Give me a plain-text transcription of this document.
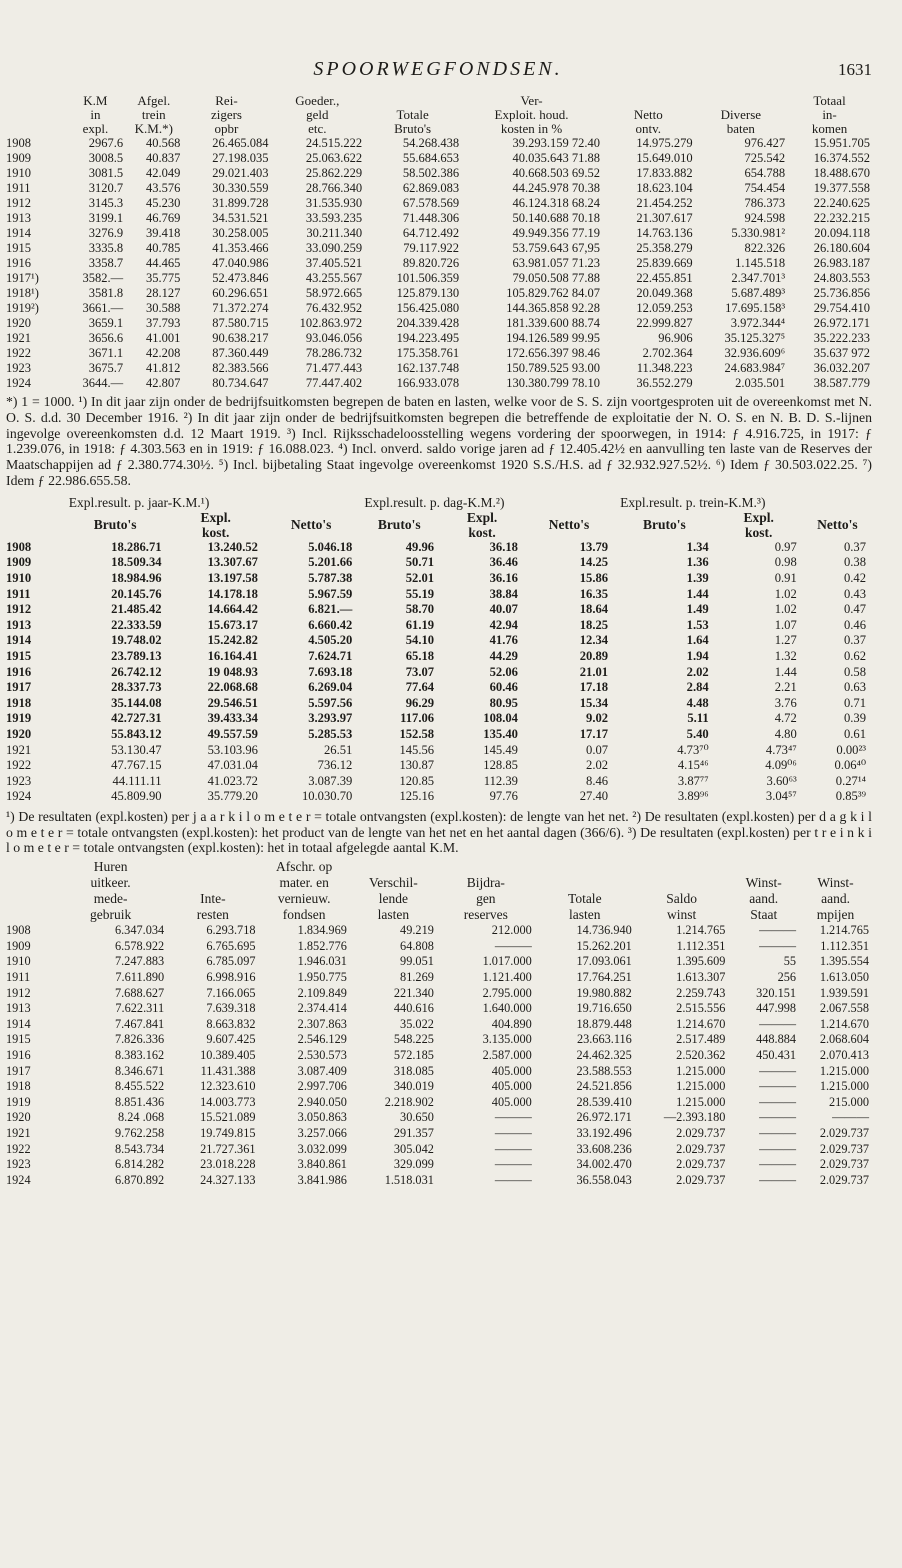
SPOORWEGFONDSEN.	1631
	K.M
in
expl.	Afgel.
trein
K.M.*)	Rei-
zigers
opbr	Goeder.,
geld
etc.	Totale
Bruto's	Ver-
Exploit. houd.
kosten in %	Netto
ontv.	Diverse
baten	Totaal
in-
komen
1908	2967.6	40.568	26.465.084	24.515.222	54.268.438	39.293.159 72.40	14.975.279	976.427	15.951.705
1909	3008.5	40.837	27.198.035	25.063.622	55.684.653	40.035.643 71.88	15.649.010	725.542	16.374.552
1910	3081.5	42.049	29.021.403	25.862.229	58.502.386	40.668.503 69.52	17.833.882	654.788	18.488.670
1911	3120.7	43.576	30.330.559	28.766.340	62.869.083	44.245.978 70.38	18.623.104	754.454	19.377.558
1912	3145.3	45.230	31.899.728	31.535.930	67.578.569	46.124.318 68.24	21.454.252	786.373	22.240.625
1913	3199.1	46.769	34.531.521	33.593.235	71.448.306	50.140.688 70.18	21.307.617	924.598	22.232.215
1914	3276.9	39.418	30.258.005	30.211.340	64.712.492	49.949.356 77.19	14.763.136	5.330.981²	20.094.118
1915	3335.8	40.785	41.353.466	33.090.259	79.117.922	53.759.643 67,95	25.358.279	822.326	26.180.604
1916	3358.7	44.465	47.040.986	37.405.521	89.820.726	63.981.057 71.23	25.839.669	1.145.518	26.983.187
1917¹)	3582.—	35.775	52.473.846	43.255.567	101.506.359	79.050.508 77.88	22.455.851	2.347.701³	24.803.553
1918¹)	3581.8	28.127	60.296.651	58.972.665	125.879.130	105.829.762 84.07	20.049.368	5.687.489³	25.736.856
1919²)	3661.—	30.588	71.372.274	76.432.952	156.425.080	144.365.858 92.28	12.059.253	17.695.158³	29.754.410
1920	3659.1	37.793	87.580.715	102.863.972	204.339.428	181.339.600 88.74	22.999.827	3.972.344⁴	26.972.171
1921	3656.6	41.001	90.638.217	93.046.056	194.223.495	194.126.589 99.95	96.906	35.125.327⁵	35.222.233
1922	3671.1	42.208	87.360.449	78.286.732	175.358.761	172.656.397 98.46	2.702.364	32.936.609⁶	35.637 972
1923	3675.7	41.812	82.383.566	71.477.443	162.137.748	150.789.525 93.00	11.348.223	24.683.984⁷	36.032.207
1924	3644.—	42.807	80.734.647	77.447.402	166.933.078	130.380.799 78.10	36.552.279	2.035.501	38.587.779
*) 1 = 1000. ¹) In dit jaar zijn onder de bedrijfsuitkomsten begrepen de baten en lasten, welke voor de S. S. zijn voortgesproten uit de overeenkomst met N. O. S. d.d. 30 December 1916. ²) In dit jaar zijn onder de bedrijfsuitkomsten begrepen die betreffende de exploitatie der N. O. S. en N. B. D. S.-lijnen ingevolge overeenkomsten d.d. 12 Maart 1919. ³) Incl. Rijksschadeloosstelling wegens vordering der spoorwegen, in 1914: ƒ 4.916.725, in 1917: ƒ 1.239.076, in 1918: ƒ 4.303.563 en in 1919: ƒ 16.088.023. ⁴) Incl. onverd. saldo vorige jaren ad ƒ 12.405.42½ en aanvulling ten laste van de Reserves der Maatschappijen ad ƒ 2.380.774.30½. ⁵) Incl. bijbetaling Staat ingevolge overeenkomst 1920 S.S./H.S. ad ƒ 32.932.927.52½. ⁶) Idem ƒ 30.503.022.25. ⁷) Idem ƒ 22.986.655.58.
	Expl.result. p. jaar-K.M.¹)			Expl.result. p. dag-K.M.²)			Expl.result. p. trein-K.M.³)		
	Bruto's	Expl.
kost.	Netto's	Bruto's	Expl.
kost.	Netto's	Bruto's	Expl.
kost.	Netto's
1908	18.286.71	13.240.52	5.046.18	49.96	36.18	13.79	1.34	0.97	0.37
1909	18.509.34	13.307.67	5.201.66	50.71	36.46	14.25	1.36	0.98	0.38
1910	18.984.96	13.197.58	5.787.38	52.01	36.16	15.86	1.39	0.91	0.42
1911	20.145.76	14.178.18	5.967.59	55.19	38.84	16.35	1.44	1.02	0.43
1912	21.485.42	14.664.42	6.821.—	58.70	40.07	18.64	1.49	1.02	0.47
1913	22.333.59	15.673.17	6.660.42	61.19	42.94	18.25	1.53	1.07	0.46
1914	19.748.02	15.242.82	4.505.20	54.10	41.76	12.34	1.64	1.27	0.37
1915	23.789.13	16.164.41	7.624.71	65.18	44.29	20.89	1.94	1.32	0.62
1916	26.742.12	19 048.93	7.693.18	73.07	52.06	21.01	2.02	1.44	0.58
1917	28.337.73	22.068.68	6.269.04	77.64	60.46	17.18	2.84	2.21	0.63
1918	35.144.08	29.546.51	5.597.56	96.29	80.95	15.34	4.48	3.76	0.71
1919	42.727.31	39.433.34	3.293.97	117.06	108.04	9.02	5.11	4.72	0.39
1920	55.843.12	49.557.59	5.285.53	152.58	135.40	17.17	5.40	4.80	0.61
1921	53.130.47	53.103.96	26.51	145.56	145.49	0.07	4.73⁷⁰	4.73⁴⁷	0.00²³
1922	47.767.15	47.031.04	736.12	130.87	128.85	2.02	4.15⁴⁶	4.09⁰⁶	0.06⁴⁰
1923	44.111.11	41.023.72	3.087.39	120.85	112.39	8.46	3.87⁷⁷	3.60⁶³	0.27¹⁴
1924	45.809.90	35.779.20	10.030.70	125.16	97.76	27.40	3.89⁹⁶	3.04⁵⁷	0.85³⁹
¹) De resultaten (expl.kosten) per j a a r k i l o m e t e r = totale ontvangsten (expl.kosten): de lengte van het net. ²) De resultaten (expl.kosten) per d a g k i l o m e t e r = totale ontvangsten (expl.kosten): het product van de lengte van het net en het aantal dagen (366/6). ³) De resultaten (expl.kosten) per t r e i n k i l o m e t e r = totale ontvangsten (expl.kosten): het in totaal afgelegde aantal K.M.
	Huren
uitkeer.
mede-
gebruik	Inte-
resten	Afschr. op
mater. en
vernieuw.
fondsen	Verschil-
lende
lasten	Bijdra-
gen
reserves	Totale
lasten	Saldo
winst	Winst-
aand.
Staat	Winst-
aand.
mpijen
1908	6.347.034	6.293.718	1.834.969	49.219	212.000	14.736.940	1.214.765	———	1.214.765
1909	6.578.922	6.765.695	1.852.776	64.808	———	15.262.201	1.112.351	———	1.112.351
1910	7.247.883	6.785.097	1.946.031	99.051	1.017.000	17.093.061	1.395.609	55	1.395.554
1911	7.611.890	6.998.916	1.950.775	81.269	1.121.400	17.764.251	1.613.307	256	1.613.050
1912	7.688.627	7.166.065	2.109.849	221.340	2.795.000	19.980.882	2.259.743	320.151	1.939.591
1913	7.622.311	7.639.318	2.374.414	440.616	1.640.000	19.716.650	2.515.556	447.998	2.067.558
1914	7.467.841	8.663.832	2.307.863	35.022	404.890	18.879.448	1.214.670	———	1.214.670
1915	7.826.336	9.607.425	2.546.129	548.225	3.135.000	23.663.116	2.517.489	448.884	2.068.604
1916	8.383.162	10.389.405	2.530.573	572.185	2.587.000	24.462.325	2.520.362	450.431	2.070.413
1917	8.346.671	11.431.388	3.087.409	318.085	405.000	23.588.553	1.215.000	———	1.215.000
1918	8.455.522	12.323.610	2.997.706	340.019	405.000	24.521.856	1.215.000	———	1.215.000
1919	8.851.436	14.003.773	2.940.050	2.218.902	405.000	28.539.410	1.215.000	———	215.000
1920	8.24 .068	15.521.089	3.050.863	30.650	———	26.972.171	—2.393.180	———	———
1921	9.762.258	19.749.815	3.257.066	291.357	———	33.192.496	2.029.737	———	2.029.737
1922	8.543.734	21.727.361	3.032.099	305.042	———	33.608.236	2.029.737	———	2.029.737
1923	6.814.282	23.018.228	3.840.861	329.099	———	34.002.470	2.029.737	———	2.029.737
1924	6.870.892	24.327.133	3.841.986	1.518.031	———	36.558.043	2.029.737	———	2.029.737
